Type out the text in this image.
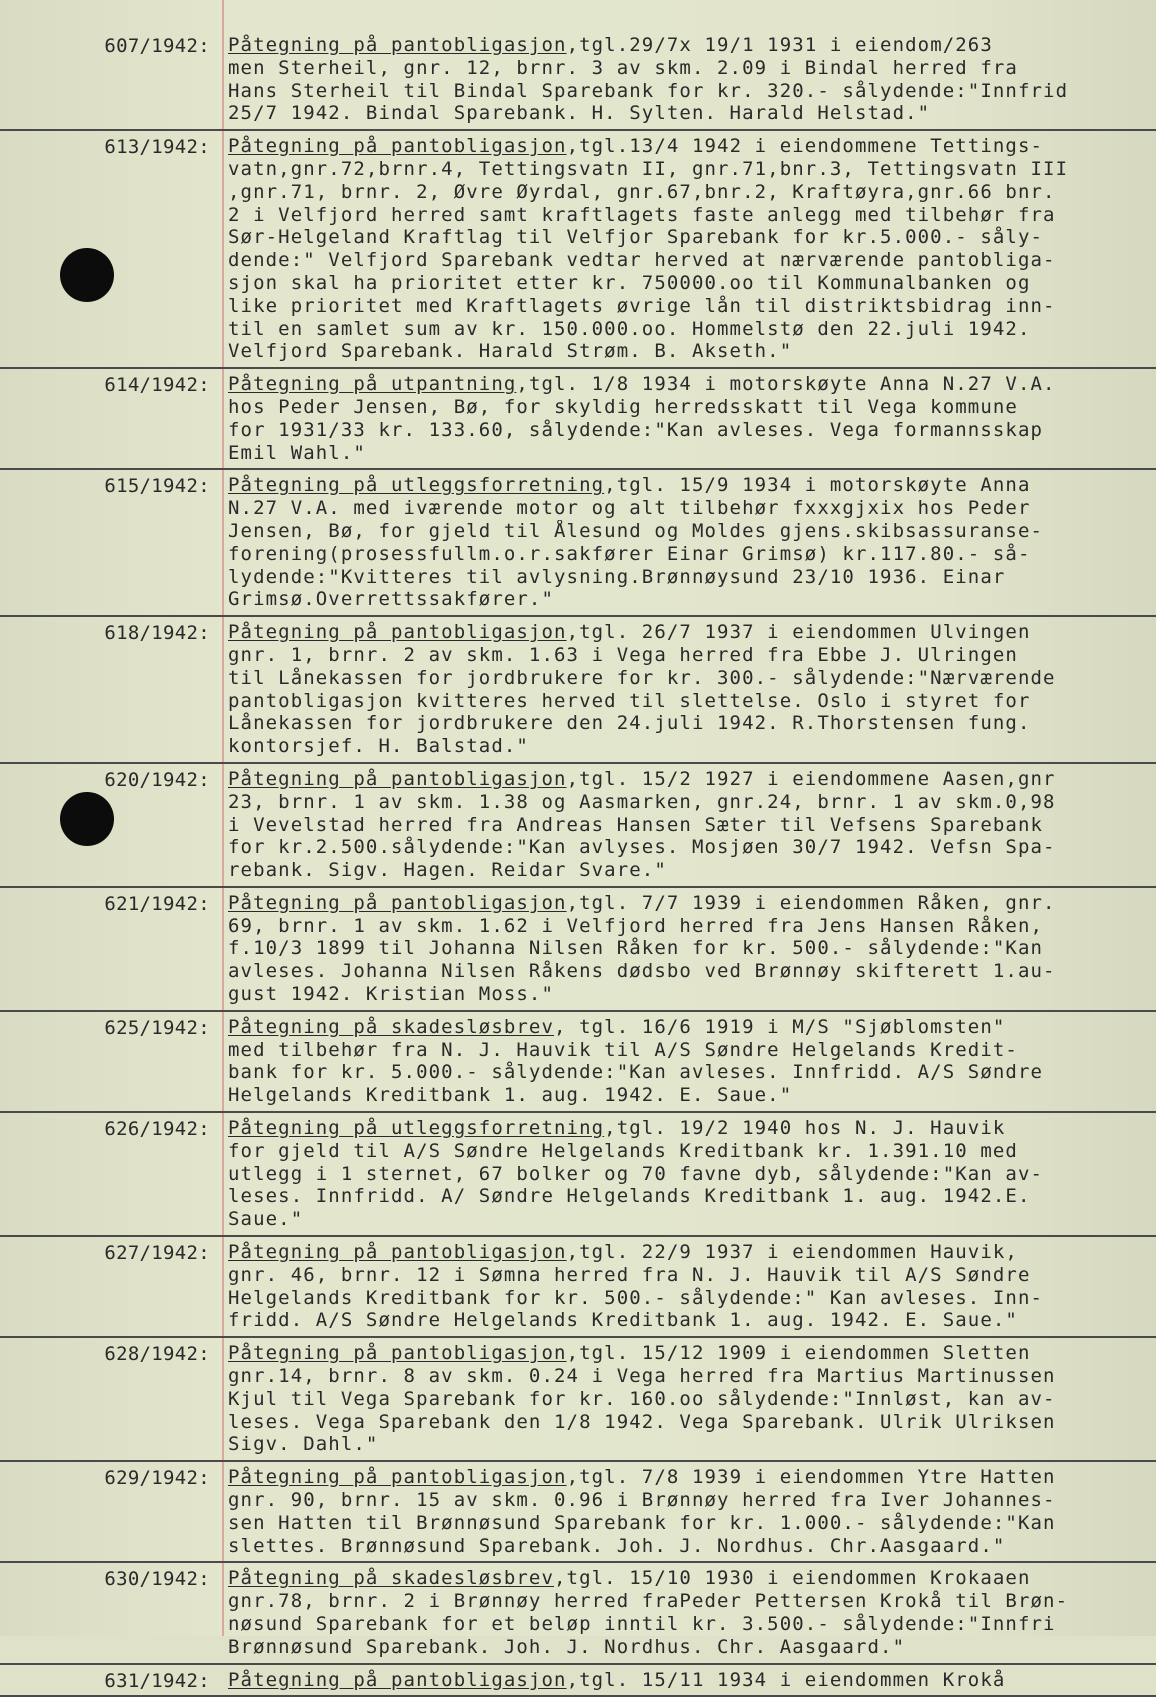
607/1942: Påtegning på pantobligasjon,tgl.29/7x 19/1 1931 i eiendom/263
men Sterheil, gnr. 12, brnr. 3 av skm. 2.09 i Bindal herred fra
Hans Sterheil til Bindal Sparebank for kr. 320.- sålydende:"Innfrid
25/7 1942. Bindal Sparebank. H. Sylten. Harald Helstad."
613/1942: Påtegning på pantobligasjon,tgl.13/4 1942 i eiendommene Tettings-
vatn,gnr.72,brnr.4, Tettingsvatn II, gnr.71,bnr.3, Tettingsvatn III
,gnr.71, brnr. 2, Øvre Øyrdal, gnr.67,bnr.2, Kraftøyra,gnr.66 bnr.
2 i Velfjord herred samt kraftlagets faste anlegg med tilbehør fra
Sør-Helgeland Kraftlag til Velfjor Sparebank for kr.5.000.- såly-
dende:" Velfjord Sparebank vedtar herved at nærværende pantobliga-
sjon skal ha prioritet etter kr. 750000.oo til Kommunalbanken og
like prioritet med Kraftlagets øvrige lån til distriktsbidrag inn-
til en samlet sum av kr. 150.000.oo. Hommelstø den 22.juli 1942.
Velfjord Sparebank. Harald Strøm. B. Akseth."
614/1942: Påtegning på utpantning,tgl. 1/8 1934 i motorskøyte Anna N.27 V.A.
hos Peder Jensen, Bø, for skyldig herredsskatt til Vega kommune
for 1931/33 kr. 133.60, sålydende:"Kan avleses. Vega formannsskap
Emil Wahl."
615/1942: Påtegning på utleggsforretning,tgl. 15/9 1934 i motorskøyte Anna
N.27 V.A. med iværende motor og alt tilbehør fxxxgjxix hos Peder
Jensen, Bø, for gjeld til Ålesund og Moldes gjens.skibsassuranse-
forening(prosessfullm.o.r.sakfører Einar Grimsø) kr.117.80.- så-
lydende:"Kvitteres til avlysning.Brønnøysund 23/10 1936. Einar
Grimsø.Overrettssakfører."
618/1942: Påtegning på pantobligasjon,tgl. 26/7 1937 i eiendommen Ulvingen
gnr. 1, brnr. 2 av skm. 1.63 i Vega herred fra Ebbe J. Ulringen
til Lånekassen for jordbrukere for kr. 300.- sålydende:"Nærværende
pantobligasjon kvitteres herved til slettelse. Oslo i styret for
Lånekassen for jordbrukere den 24.juli 1942. R.Thorstensen fung.
kontorsjef. H. Balstad."
620/1942: Påtegning på pantobligasjon,tgl. 15/2 1927 i eiendommene Aasen,gnr
23, brnr. 1 av skm. 1.38 og Aasmarken, gnr.24, brnr. 1 av skm.0,98
i Vevelstad herred fra Andreas Hansen Sæter til Vefsens Sparebank
for kr.2.500.sålydende:"Kan avlyses. Mosjøen 30/7 1942. Vefsn Spa-
rebank. Sigv. Hagen. Reidar Svare."
621/1942: Påtegning på pantobligasjon,tgl. 7/7 1939 i eiendommen Råken, gnr.
69, brnr. 1 av skm. 1.62 i Velfjord herred fra Jens Hansen Råken,
f.10/3 1899 til Johanna Nilsen Råken for kr. 500.- sålydende:"Kan
avleses. Johanna Nilsen Råkens dødsbo ved Brønnøy skifterett 1.au-
gust 1942. Kristian Moss."
625/1942: Påtegning på skadesløsbrev, tgl. 16/6 1919 i M/S "Sjøblomsten"
med tilbehør fra N. J. Hauvik til A/S Søndre Helgelands Kredit-
bank for kr. 5.000.- sålydende:"Kan avleses. Innfridd. A/S Søndre
Helgelands Kreditbank 1. aug. 1942. E. Saue."
626/1942: Påtegning på utleggsforretning,tgl. 19/2 1940 hos N. J. Hauvik
for gjeld til A/S Søndre Helgelands Kreditbank kr. 1.391.10 med
utlegg i 1 sternet, 67 bolker og 70 favne dyb, sålydende:"Kan av-
leses. Innfridd. A/ Søndre Helgelands Kreditbank 1. aug. 1942.E.
Saue."
627/1942: Påtegning på pantobligasjon,tgl. 22/9 1937 i eiendommen Hauvik,
gnr. 46, brnr. 12 i Sømna herred fra N. J. Hauvik til A/S Søndre
Helgelands Kreditbank for kr. 500.- sålydende:" Kan avleses. Inn-
fridd. A/S Søndre Helgelands Kreditbank 1. aug. 1942. E. Saue."
628/1942: Påtegning på pantobligasjon,tgl. 15/12 1909 i eiendommen Sletten
gnr.14, brnr. 8 av skm. 0.24 i Vega herred fra Martius Martinussen
Kjul til Vega Sparebank for kr. 160.oo sålydende:"Innløst, kan av-
leses. Vega Sparebank den 1/8 1942. Vega Sparebank. Ulrik Ulriksen
Sigv. Dahl."
629/1942: Påtegning på pantobligasjon,tgl. 7/8 1939 i eiendommen Ytre Hatten
gnr. 90, brnr. 15 av skm. 0.96 i Brønnøy herred fra Iver Johannes-
sen Hatten til Brønnøsund Sparebank for kr. 1.000.- sålydende:"Kan
slettes. Brønnøsund Sparebank. Joh. J. Nordhus. Chr.Aasgaard."
630/1942: Påtegning på skadesløsbrev,tgl. 15/10 1930 i eiendommen Krokaaen
gnr.78, brnr. 2 i Brønnøy herred fraPeder Pettersen Krokå til Brøn-
nøsund Sparebank for et beløp inntil kr. 3.500.- sålydende:"Innfri
Brønnøsund Sparebank. Joh. J. Nordhus. Chr. Aasgaard."
631/1942: Påtegning på pantobligasjon,tgl. 15/11 1934 i eiendommen Krokå
